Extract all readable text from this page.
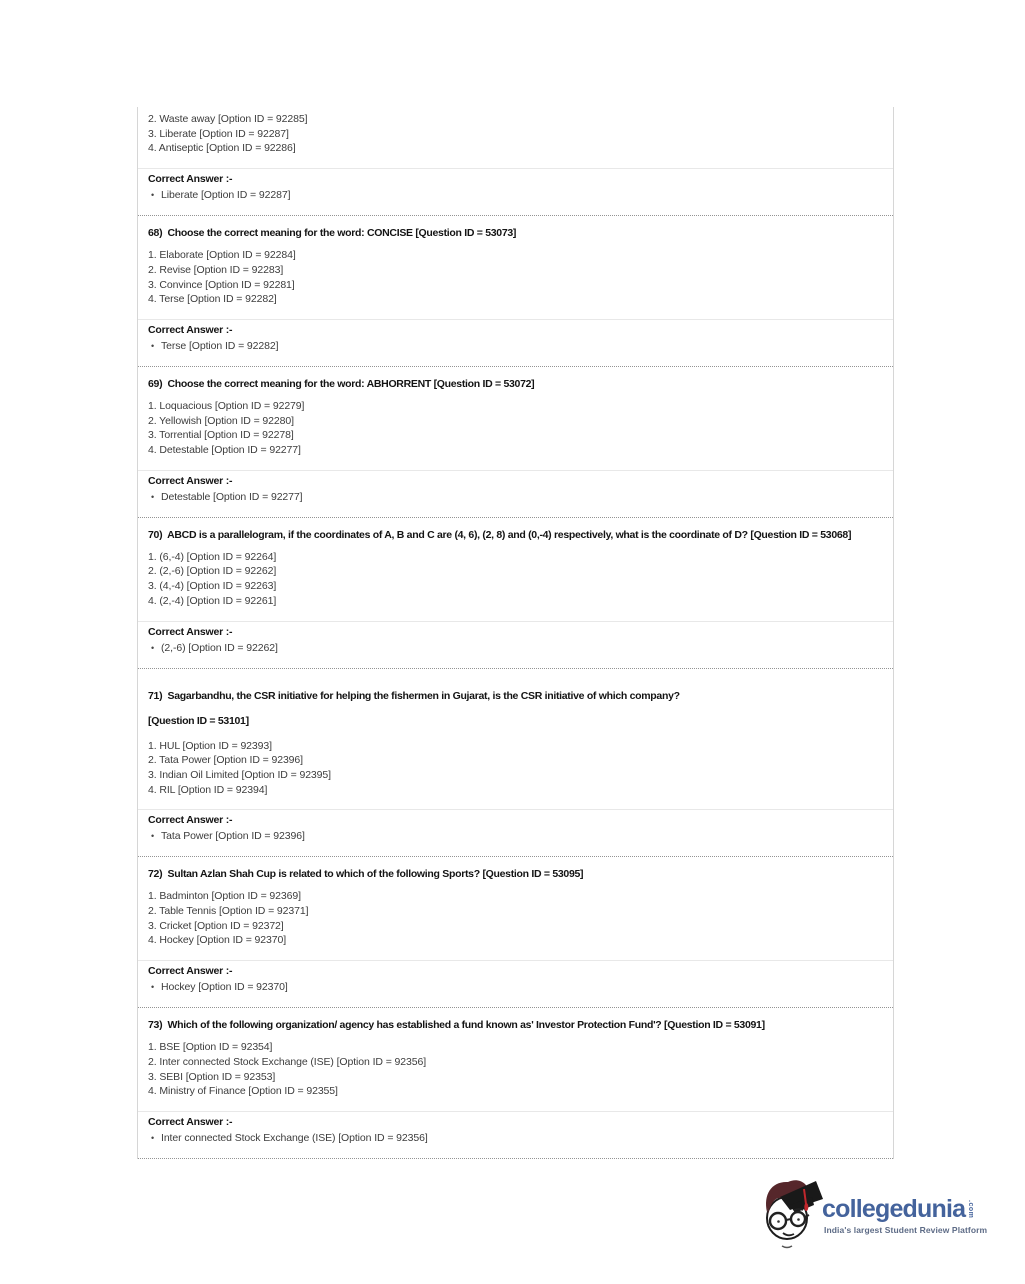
2. Waste away [Option ID = 92285]
3. Liberate [Option ID = 92287]
4. Antiseptic [Option ID = 92286]
Correct Answer :-
• Liberate [Option ID = 92287]
68)  Choose the correct meaning for the word: CONCISE [Question ID = 53073]
1. Elaborate [Option ID = 92284]
2. Revise [Option ID = 92283]
3. Convince [Option ID = 92281]
4. Terse [Option ID = 92282]
Correct Answer :-
• Terse [Option ID = 92282]
69)  Choose the correct meaning for the word: ABHORRENT [Question ID = 53072]
1. Loquacious [Option ID = 92279]
2. Yellowish [Option ID = 92280]
3. Torrential [Option ID = 92278]
4. Detestable [Option ID = 92277]
Correct Answer :-
• Detestable [Option ID = 92277]
70)  ABCD is a parallelogram, if the coordinates of A, B and C are (4, 6), (2, 8) and (0,-4) respectively, what is the coordinate of D? [Question ID = 53068]
1. (6,-4) [Option ID = 92264]
2. (2,-6) [Option ID = 92262]
3. (4,-4) [Option ID = 92263]
4. (2,-4) [Option ID = 92261]
Correct Answer :-
• (2,-6) [Option ID = 92262]
71)  Sagarbandhu, the CSR initiative for helping the fishermen in Gujarat, is the CSR initiative of which company?
[Question ID = 53101]
1. HUL [Option ID = 92393]
2. Tata Power [Option ID = 92396]
3. Indian Oil Limited [Option ID = 92395]
4. RIL [Option ID = 92394]
Correct Answer :-
• Tata Power [Option ID = 92396]
72)  Sultan Azlan Shah Cup is related to which of the following Sports? [Question ID = 53095]
1. Badminton [Option ID = 92369]
2. Table Tennis [Option ID = 92371]
3. Cricket [Option ID = 92372]
4. Hockey [Option ID = 92370]
Correct Answer :-
• Hockey [Option ID = 92370]
73)  Which of the following organization/ agency has established a fund known as' Investor Protection Fund'? [Question ID = 53091]
1. BSE [Option ID = 92354]
2. Inter connected Stock Exchange (ISE) [Option ID = 92356]
3. SEBI [Option ID = 92353]
4. Ministry of Finance [Option ID = 92355]
Correct Answer :-
• Inter connected Stock Exchange (ISE) [Option ID = 92356]
collegedunia .com
India's largest Student Review Platform
